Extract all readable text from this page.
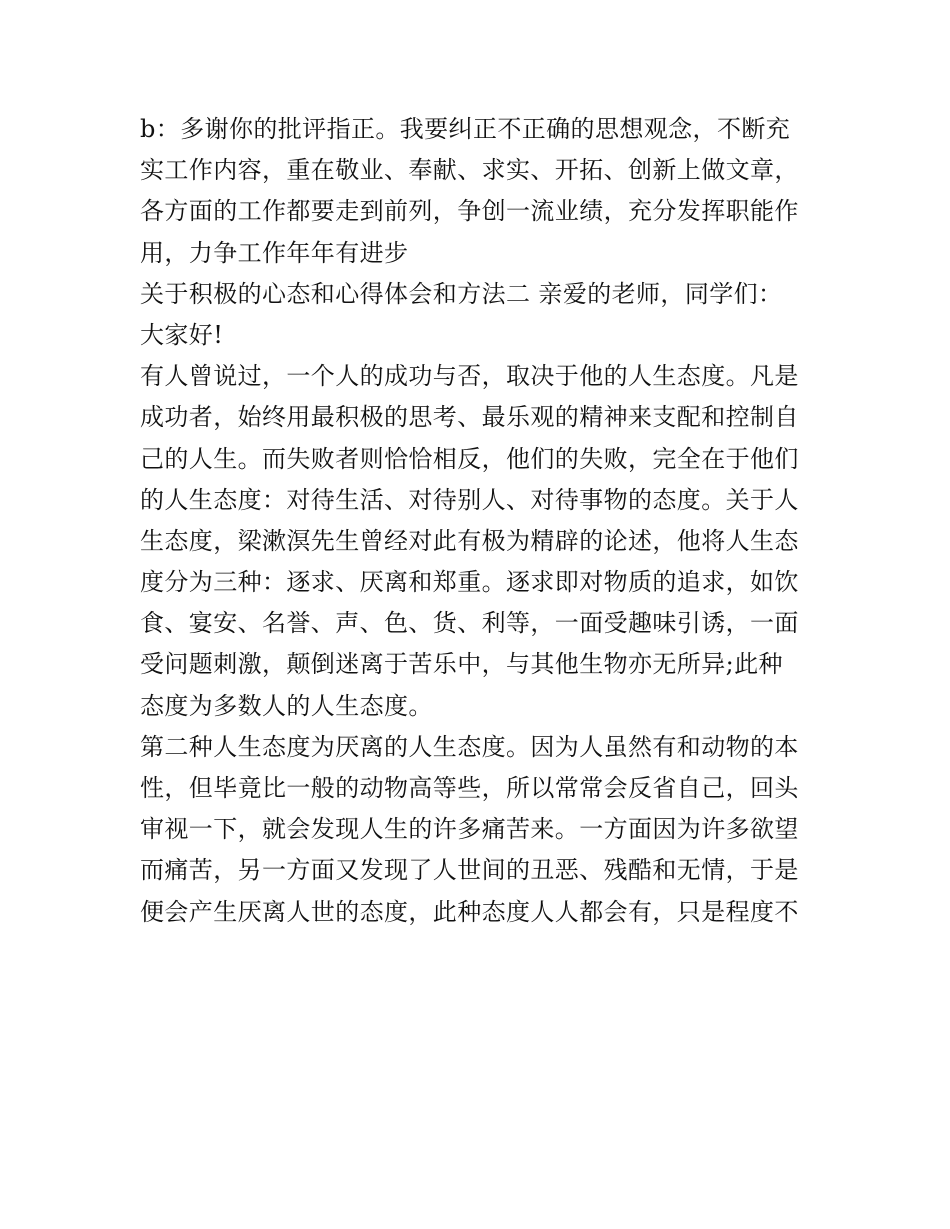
b：多谢你的批评指正。我要纠正不正确的思想观念，不断充
实工作内容，重在敬业、奉献、求实、开拓、创新上做文章，
各方面的工作都要走到前列，争创一流业绩，充分发挥职能作
用，力争工作年年有进步
关于积极的心态和心得体会和方法二 亲爱的老师，同学们：
大家好!
有人曾说过，一个人的成功与否，取决于他的人生态度。凡是
成功者，始终用最积极的思考、最乐观的精神来支配和控制自
己的人生。而失败者则恰恰相反，他们的失败，完全在于他们
的人生态度：对待生活、对待别人、对待事物的态度。关于人
生态度，梁漱溟先生曾经对此有极为精辟的论述，他将人生态
度分为三种：逐求、厌离和郑重。逐求即对物质的追求，如饮
食、宴安、名誉、声、色、货、利等，一面受趣味引诱，一面
受问题刺激，颠倒迷离于苦乐中，与其他生物亦无所异;此种
态度为多数人的人生态度。
第二种人生态度为厌离的人生态度。因为人虽然有和动物的本
性，但毕竟比一般的动物高等些，所以常常会反省自己，回头
审视一下，就会发现人生的许多痛苦来。一方面因为许多欲望
而痛苦，另一方面又发现了人世间的丑恶、残酷和无情，于是
便会产生厌离人世的态度，此种态度人人都会有，只是程度不
